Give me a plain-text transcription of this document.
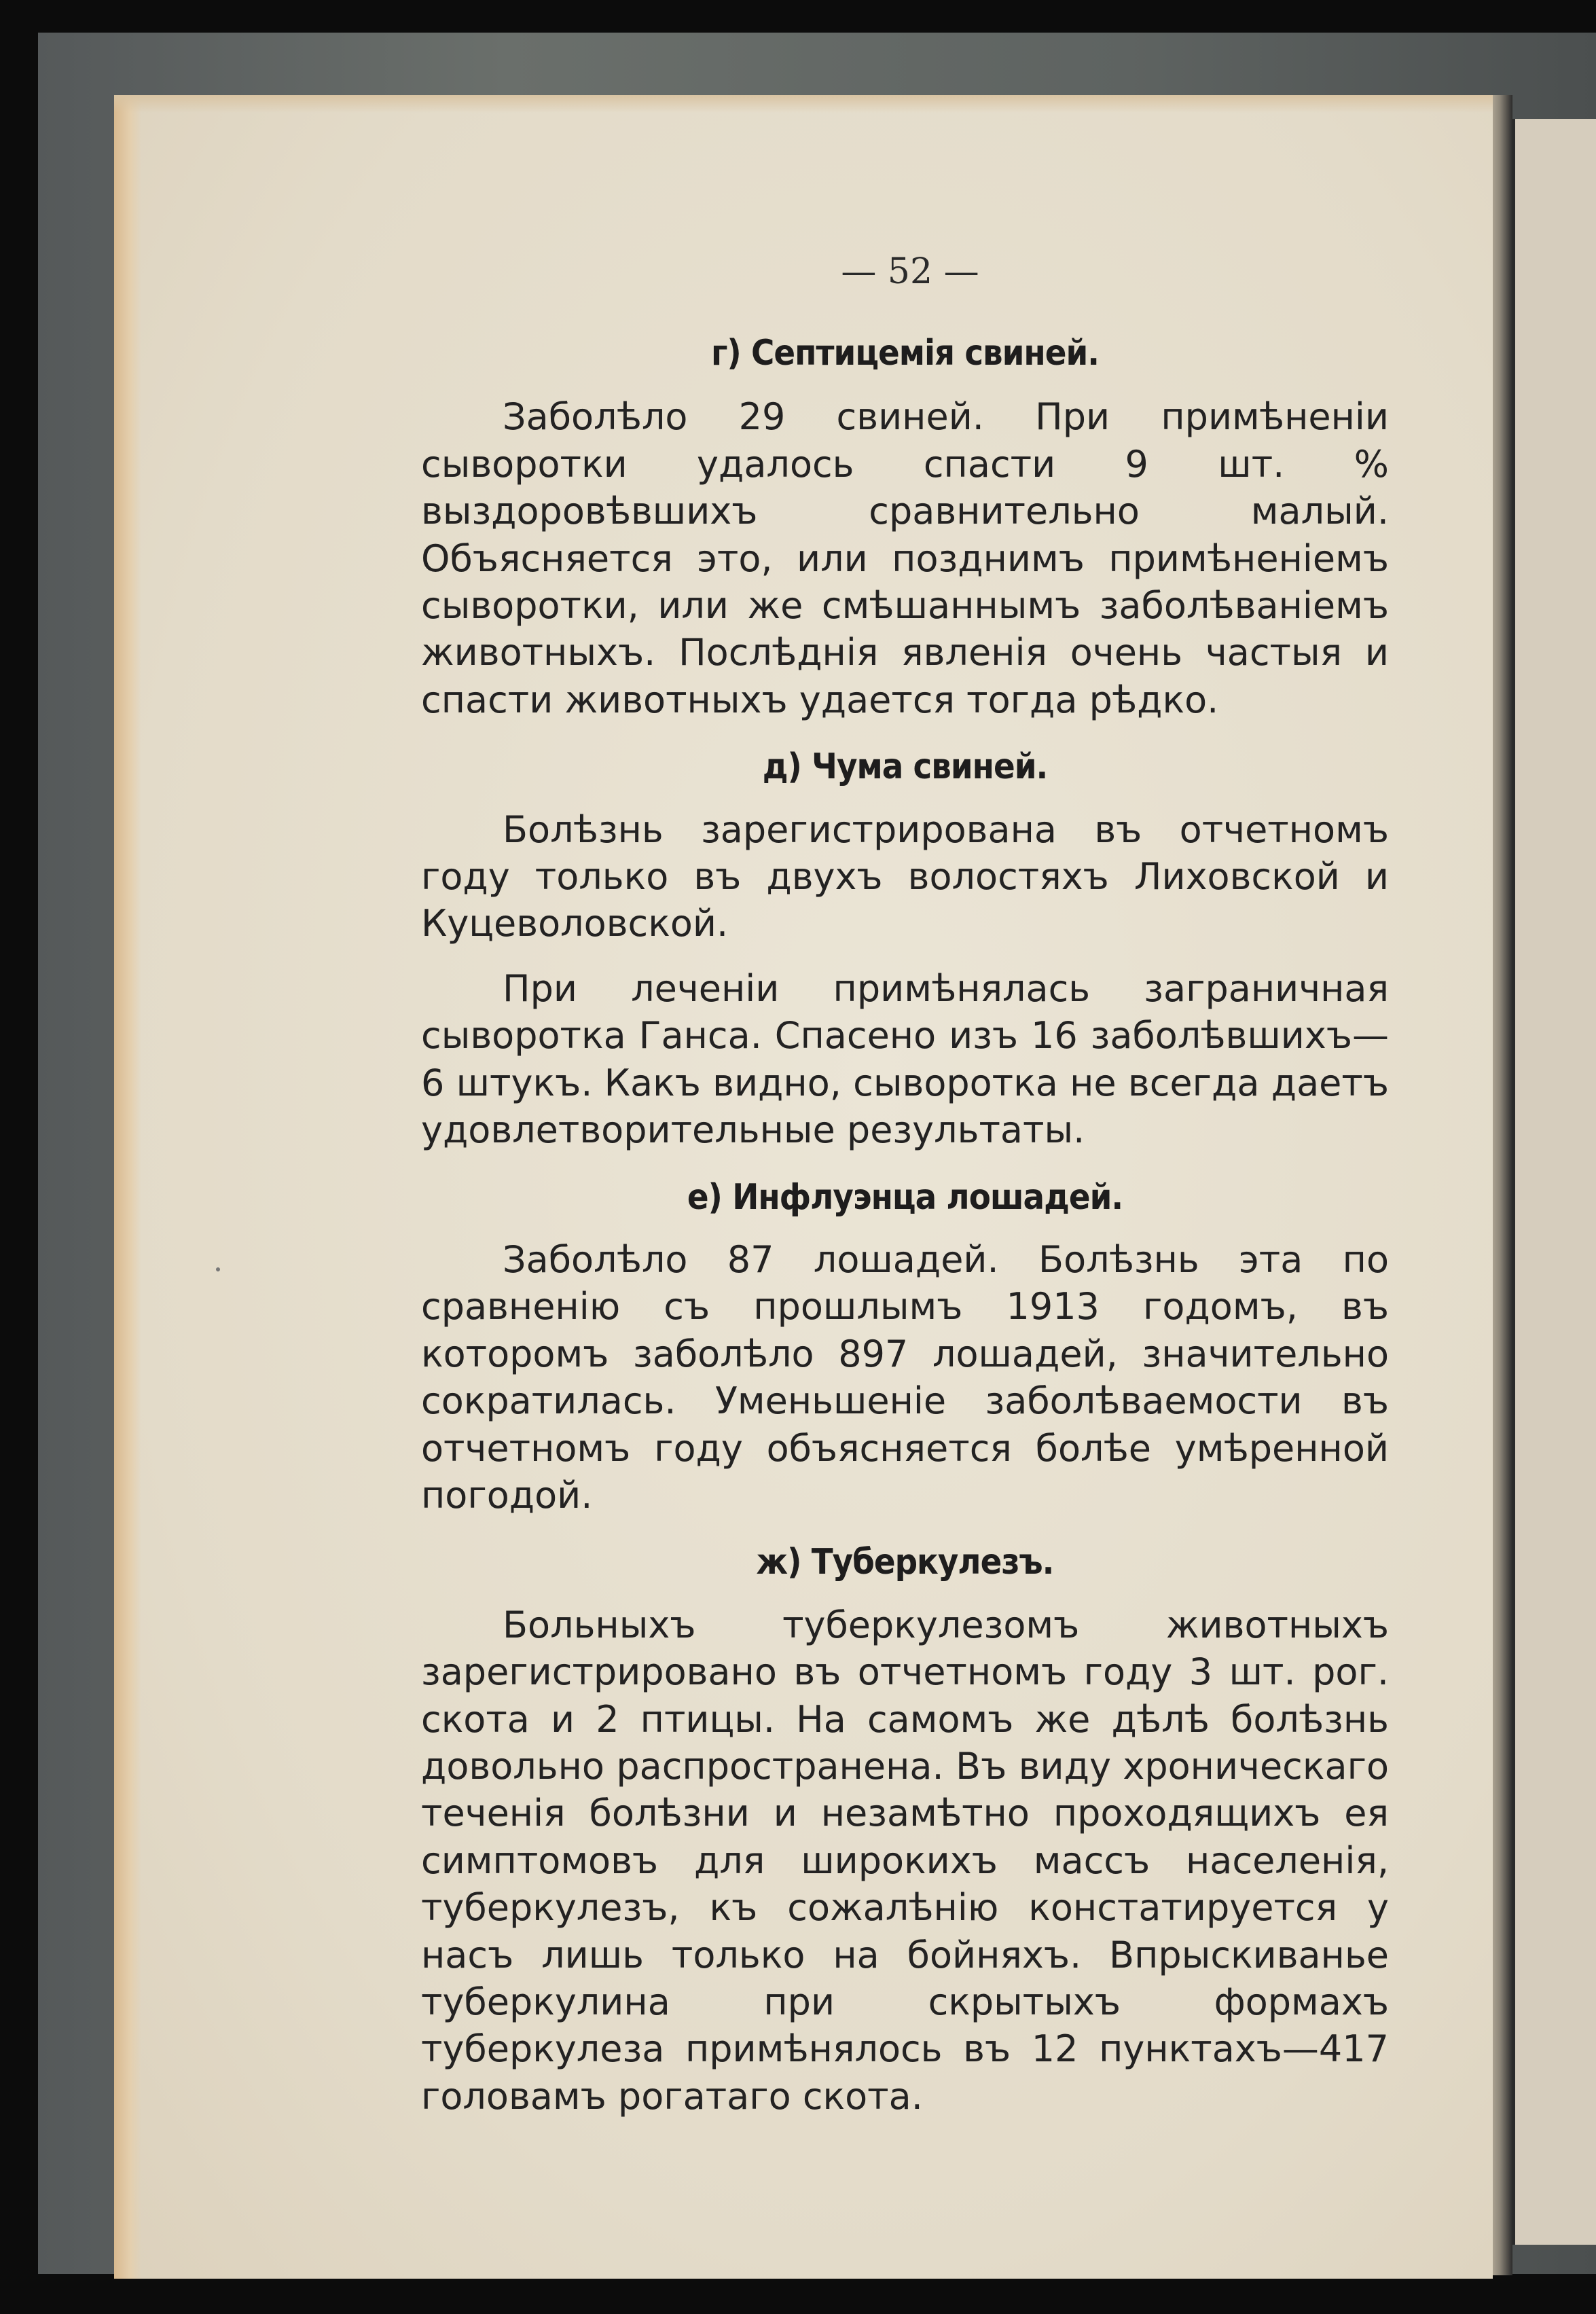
— 52 —
г) Септицемія свиней.

Заболѣло 29 свиней. При примѣненіи сыворотки удалось спасти 9 шт. % выздоровѣвшихъ сравнительно малый. Объясняется это, или позднимъ примѣненіемъ сыворотки, или же смѣшаннымъ заболѣваніемъ животныхъ. Послѣднія явленія очень частыя и спасти животныхъ удается тогда рѣдко.

д) Чума свиней.

Болѣзнь зарегистрирована въ отчетномъ году только въ двухъ волостяхъ Лиховской и Куцеволовской.

При леченіи примѣнялась заграничная сыворотка Ганса. Спасено изъ 16 заболѣвшихъ—6 штукъ. Какъ видно, сыворотка не всегда даетъ удовлетворительные результаты.

е) Инфлуэнца лошадей.

Заболѣло 87 лошадей. Болѣзнь эта по сравненію съ прошлымъ 1913 годомъ, въ которомъ заболѣло 897 лошадей, значительно сократилась. Уменьшеніе заболѣваемости въ отчетномъ году объясняется болѣе умѣренной погодой.

ж) Туберкулезъ.

Больныхъ туберкулезомъ животныхъ зарегистрировано въ отчетномъ году 3 шт. рог. скота и 2 птицы. На самомъ же дѣлѣ болѣзнь довольно распространена. Въ виду хроническаго теченія болѣзни и незамѣтно проходящихъ ея симптомовъ для широкихъ массъ населенія, туберкулезъ, къ сожалѣнію констатируется у насъ лишь только на бойняхъ. Впрыскиванье туберкулина при скрытыхъ формахъ туберкулеза примѣнялось въ 12 пунктахъ—417 головамъ рогатаго скота.
